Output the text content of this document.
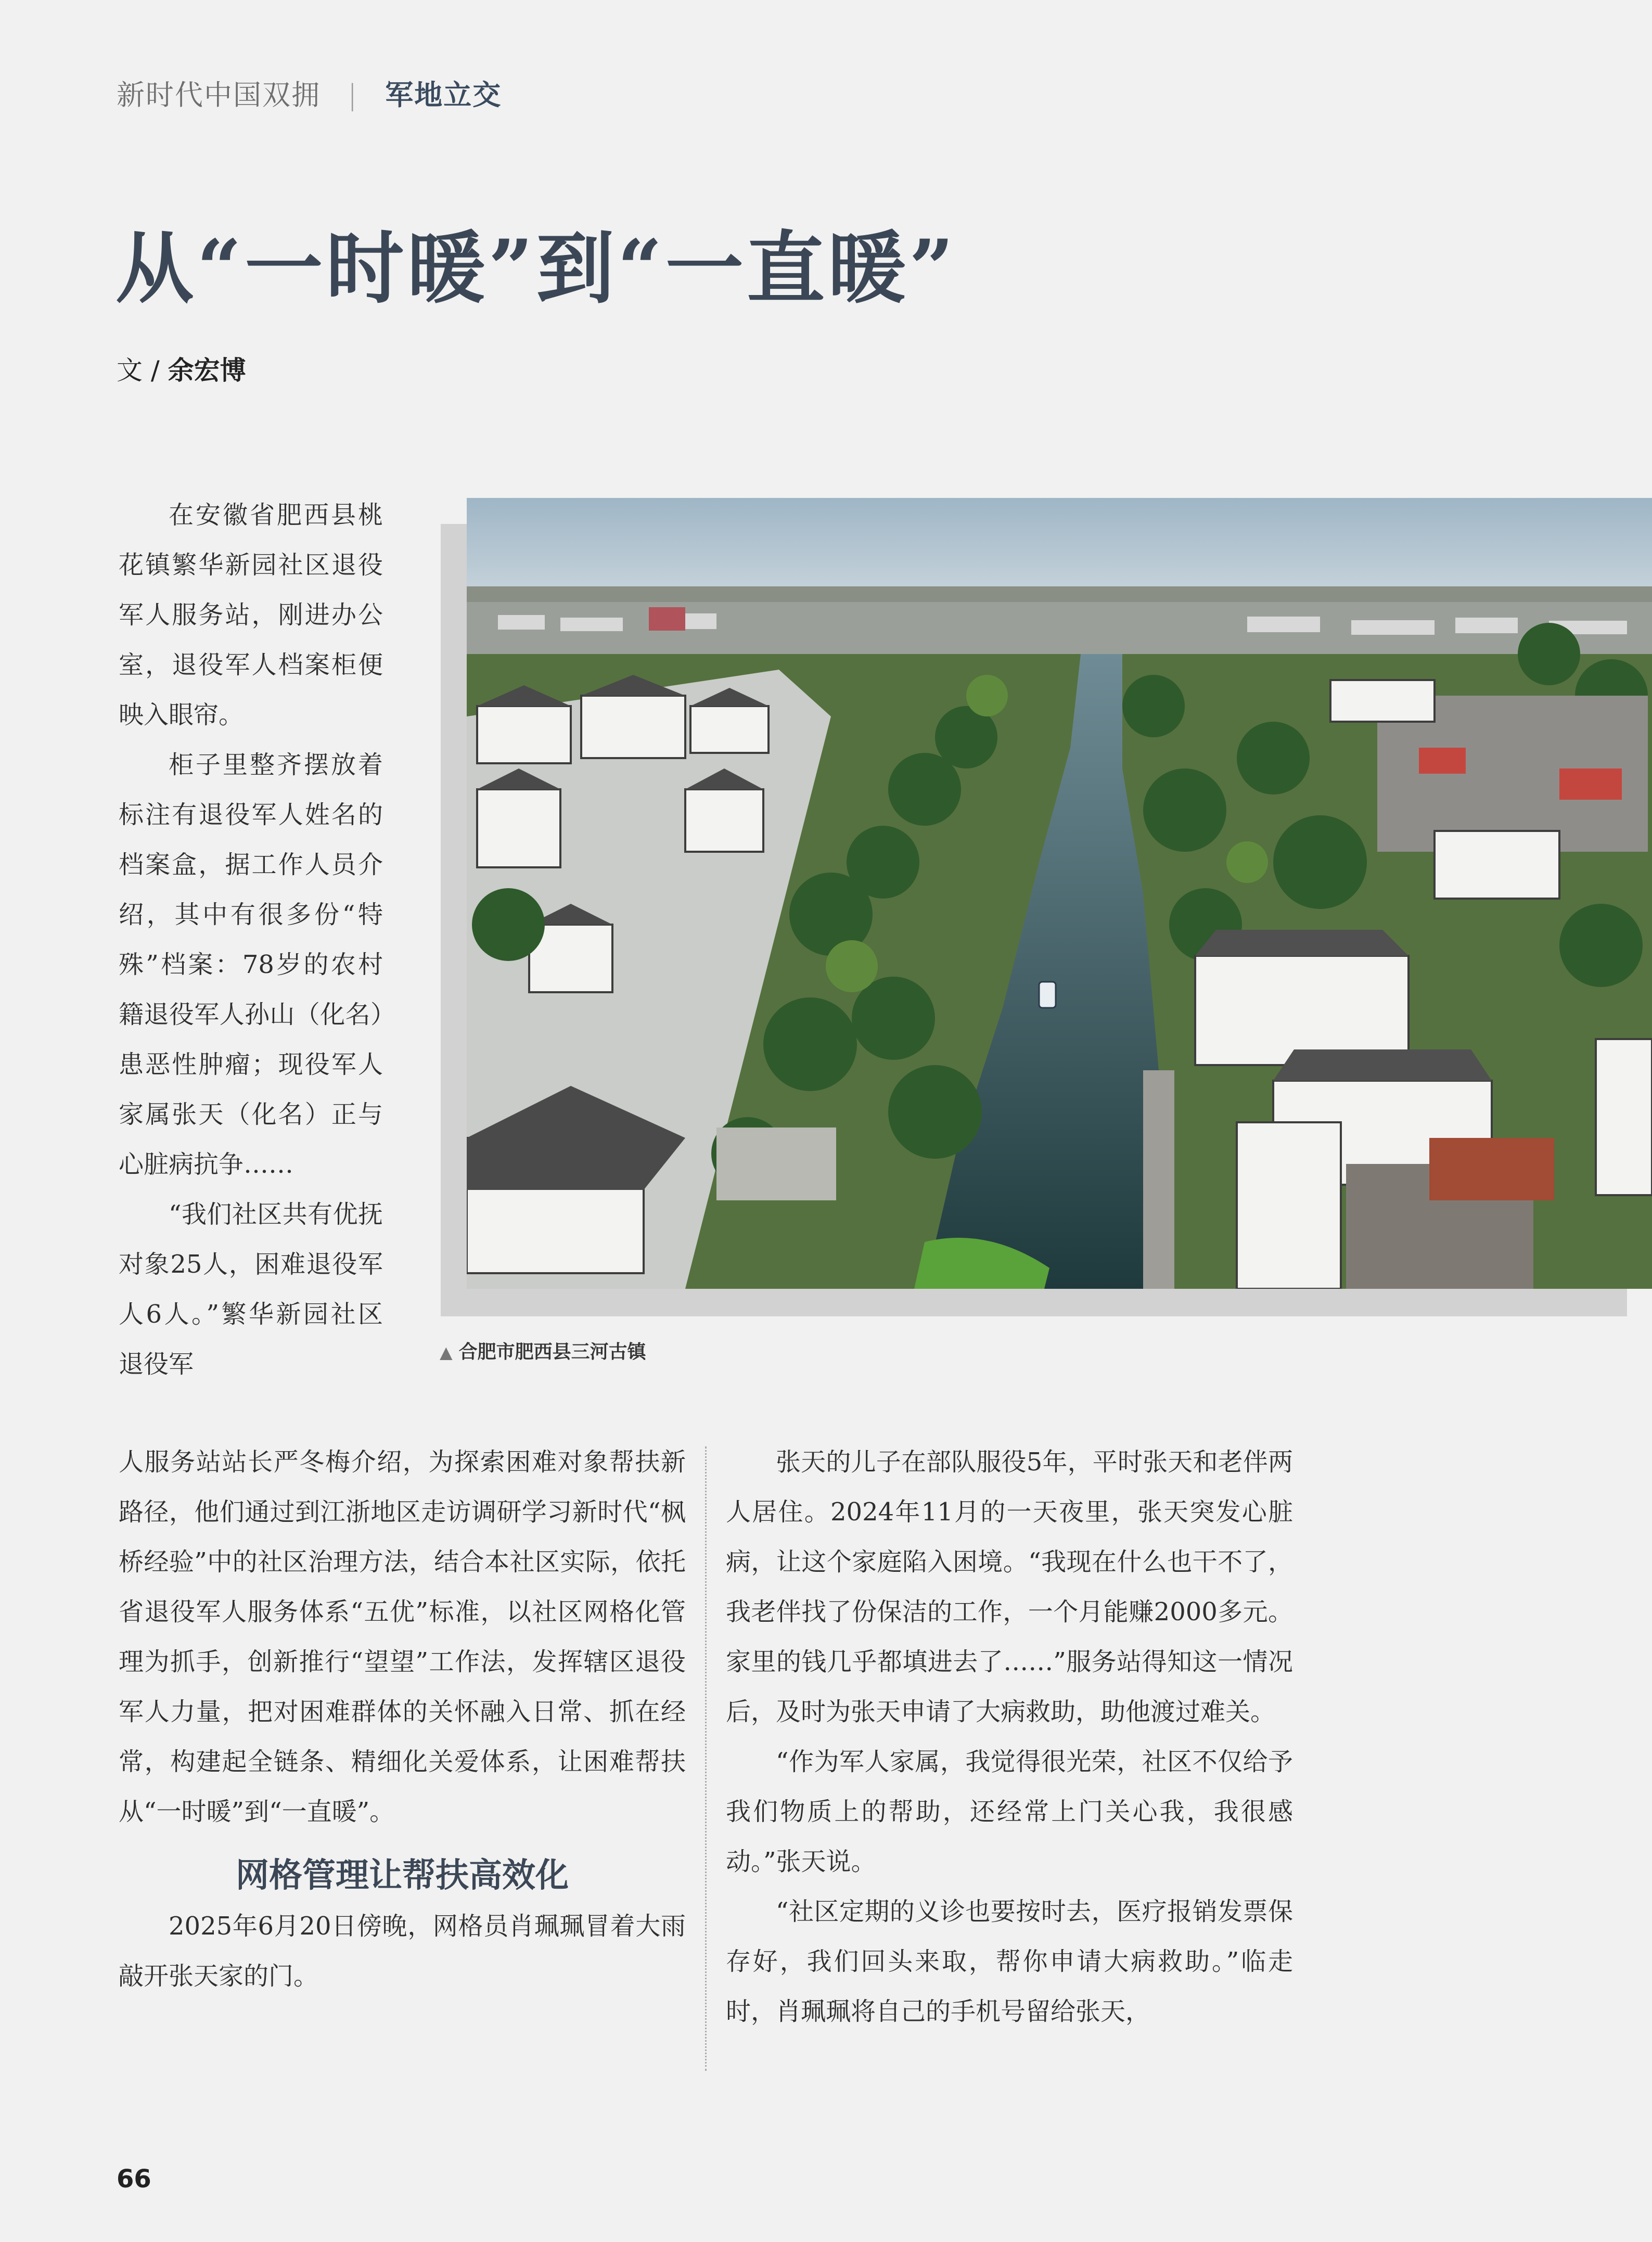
新时代中国双拥 | 军地立交
从“一时暖”到“一直暖”
文 / 余宏博
▲ 合肥市肥西县三河古镇

在安徽省肥西县桃花镇繁华新园社区退役军人服务站，刚进办公室，退役军人档案柜便映入眼帘。

柜子里整齐摆放着标注有退役军人姓名的档案盒，据工作人员介绍，其中有很多份“特殊”档案：78岁的农村籍退役军人孙山（化名）患恶性肿瘤；现役军人家属张天（化名）正与心脏病抗争……

“我们社区共有优抚对象25人，困难退役军人6人。”繁华新园社区退役军

人服务站站长严冬梅介绍，为探索困难对象帮扶新路径，他们通过到江浙地区走访调研学习新时代“枫桥经验”中的社区治理方法，结合本社区实际，依托省退役军人服务体系“五优”标准，以社区网格化管理为抓手，创新推行“望望”工作法，发挥辖区退役军人力量，把对困难群体的关怀融入日常、抓在经常，构建起全链条、精细化关爱体系，让困难帮扶从“一时暖”到“一直暖”。

网格管理让帮扶高效化

2025年6月20日傍晚，网格员肖珮珮冒着大雨敲开张天家的门。

张天的儿子在部队服役5年，平时张天和老伴两人居住。2024年11月的一天夜里，张天突发心脏病，让这个家庭陷入困境。“我现在什么也干不了，我老伴找了份保洁的工作，一个月能赚2000多元。家里的钱几乎都填进去了……”服务站得知这一情况后，及时为张天申请了大病救助，助他渡过难关。

“作为军人家属，我觉得很光荣，社区不仅给予我们物质上的帮助，还经常上门关心我，我很感动。”张天说。

“社区定期的义诊也要按时去，医疗报销发票保存好，我们回头来取，帮你申请大病救助。”临走时，肖珮珮将自己的手机号留给张天，

66
